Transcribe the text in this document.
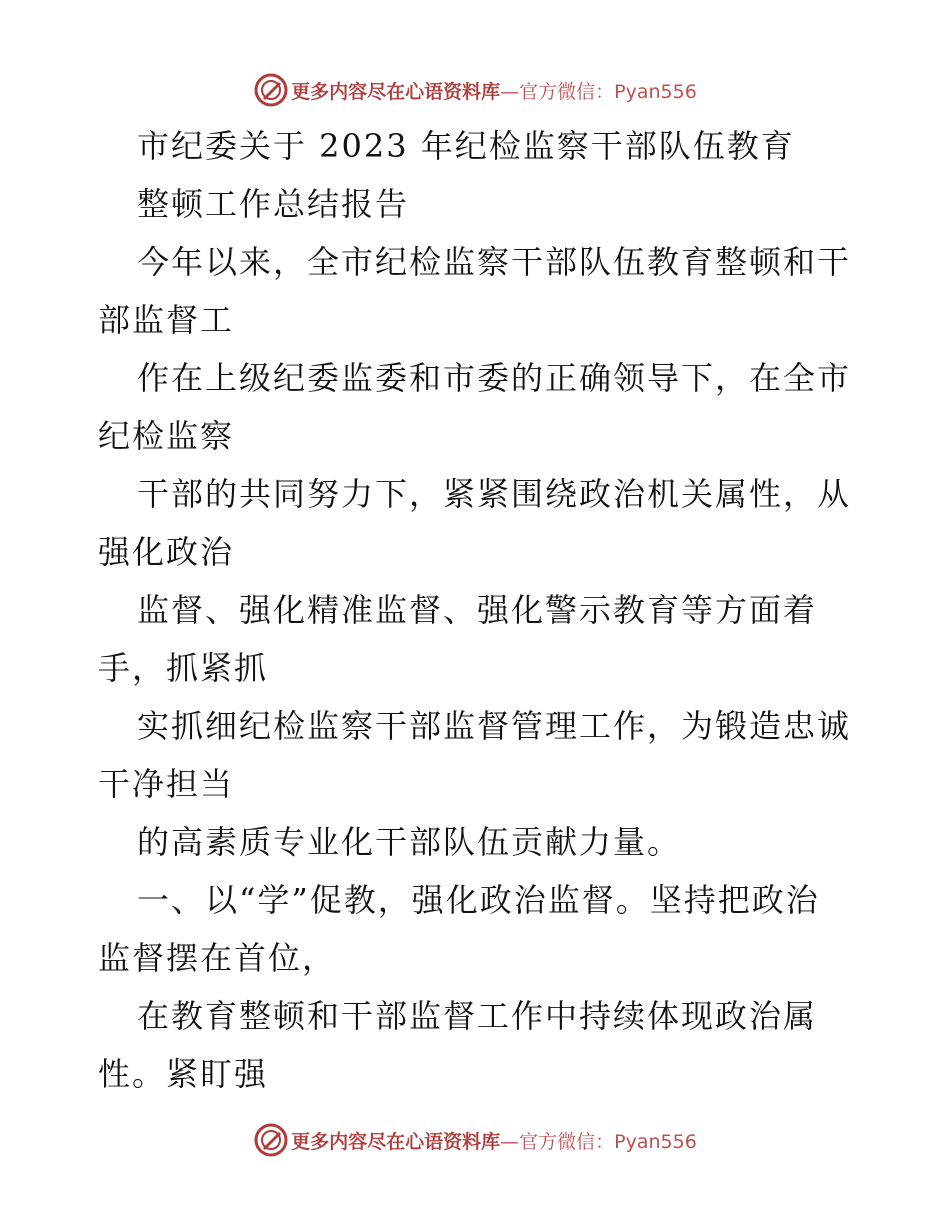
更多内容尽在心语资料库—官方微信：Pyan556
市纪委关于 2023 年纪检监察干部队伍教育
整顿工作总结报告
今年以来，全市纪检监察干部队伍教育整顿和干
部监督工
作在上级纪委监委和市委的正确领导下，在全市
纪检监察
干部的共同努力下，紧紧围绕政治机关属性，从
强化政治
监督、强化精准监督、强化警示教育等方面着
手，抓紧抓
实抓细纪检监察干部监督管理工作，为锻造忠诚
干净担当
的高素质专业化干部队伍贡献力量。
一、以“学”促教，强化政治监督。坚持把政治
监督摆在首位，
在教育整顿和干部监督工作中持续体现政治属
性。紧盯强
更多内容尽在心语资料库—官方微信：Pyan556
